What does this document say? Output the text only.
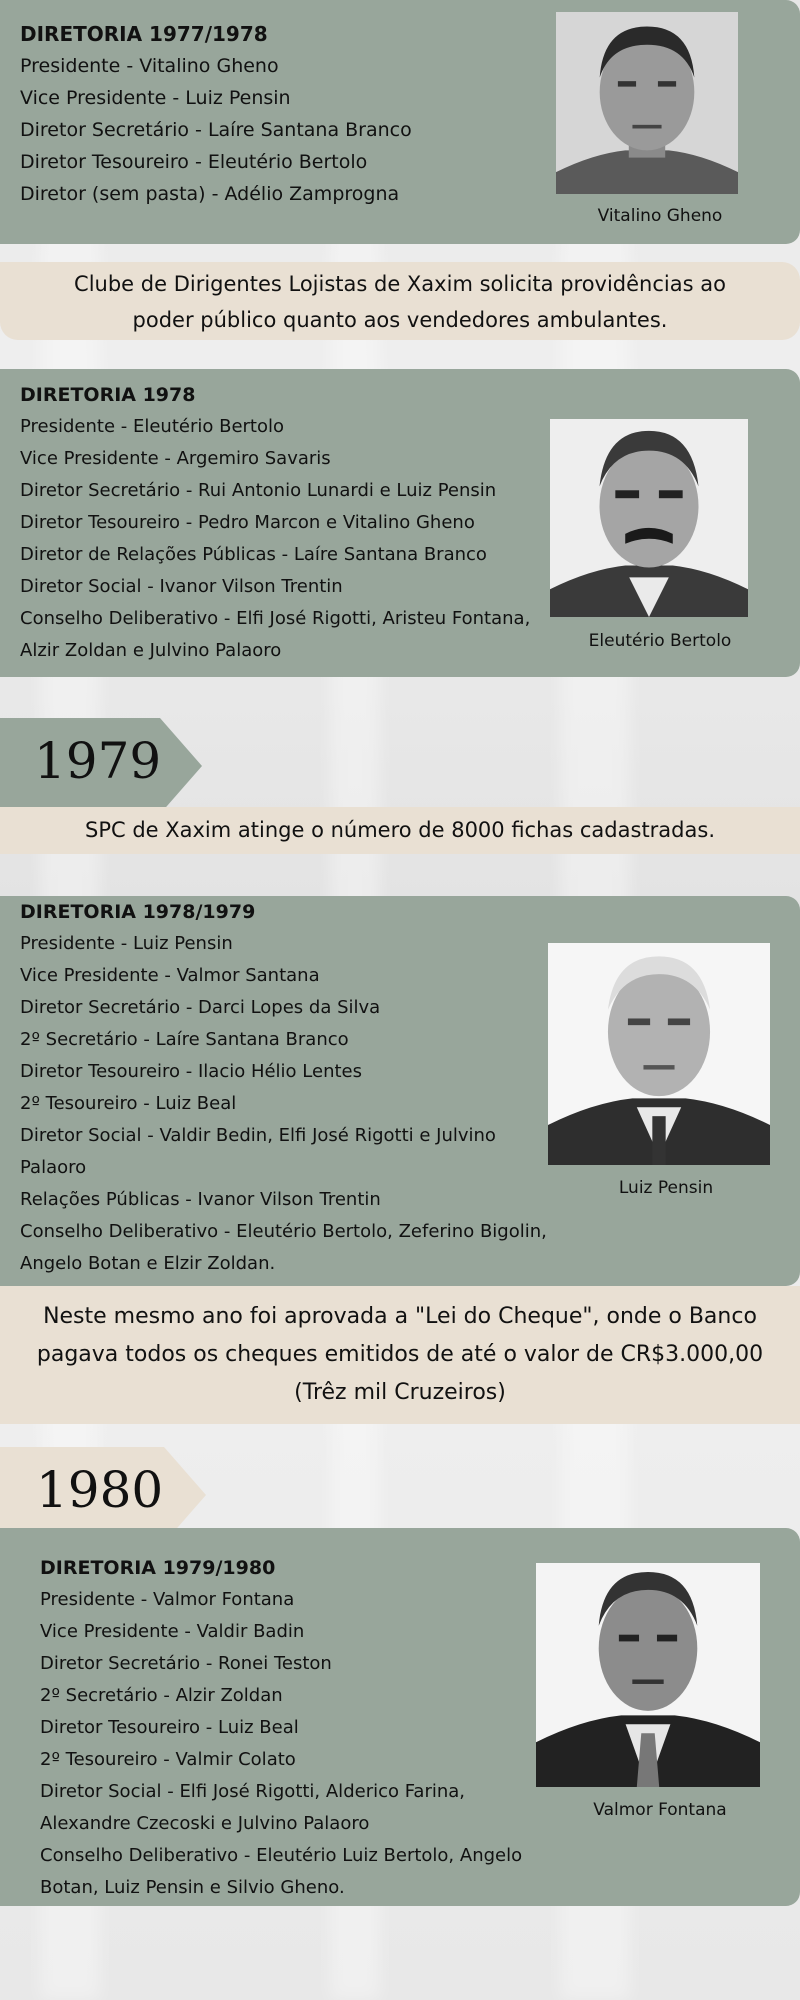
DIRETORIA 1977/1978
Presidente - Vitalino Gheno
Vice Presidente - Luiz Pensin
Diretor Secretário - Laíre Santana Branco
Diretor Tesoureiro - Eleutério Bertolo
Diretor (sem pasta) - Adélio Zamprogna
Vitalino Gheno
Clube de Dirigentes Lojistas de Xaxim solicita providências ao
poder público quanto aos vendedores ambulantes.
DIRETORIA 1978
Presidente - Eleutério Bertolo
Vice Presidente - Argemiro Savaris
Diretor Secretário - Rui Antonio Lunardi e Luiz Pensin
Diretor Tesoureiro - Pedro Marcon e Vitalino Gheno
Diretor de Relações Públicas - Laíre Santana Branco
Diretor Social - Ivanor Vilson Trentin
Conselho Deliberativo - Elfi José Rigotti, Aristeu Fontana,
Alzir Zoldan e Julvino Palaoro	Eleutério Bertolo
1979
SPC de Xaxim atinge o número de 8000 fichas cadastradas.
DIRETORIA 1978/1979
Presidente - Luiz Pensin
Vice Presidente - Valmor Santana
Diretor Secretário - Darci Lopes da Silva
2º Secretário - Laíre Santana Branco
Diretor Tesoureiro - Ilacio Hélio Lentes
2º Tesoureiro - Luiz Beal
Diretor Social - Valdir Bedin, Elfi José Rigotti e Julvino
Palaoro
Relações Públicas - Ivanor Vilson Trentin
Conselho Deliberativo - Eleutério Bertolo, Zeferino Bigolin,
Angelo Botan e Elzir Zoldan.
Luiz Pensin
Neste mesmo ano foi aprovada a "Lei do Cheque", onde o Banco
pagava todos os cheques emitidos de até o valor de CR$3.000,00
(Trêz mil Cruzeiros)
1980
DIRETORIA 1979/1980
Presidente - Valmor Fontana
Vice Presidente - Valdir Badin
Diretor Secretário - Ronei Teston
2º Secretário - Alzir Zoldan
Diretor Tesoureiro - Luiz Beal
2º Tesoureiro - Valmir Colato
Diretor Social - Elfi José Rigotti, Alderico Farina,
Alexandre Czecoski e Julvino Palaoro
Conselho Deliberativo - Eleutério Luiz Bertolo, Angelo
Botan, Luiz Pensin e Silvio Gheno.
Valmor Fontana
